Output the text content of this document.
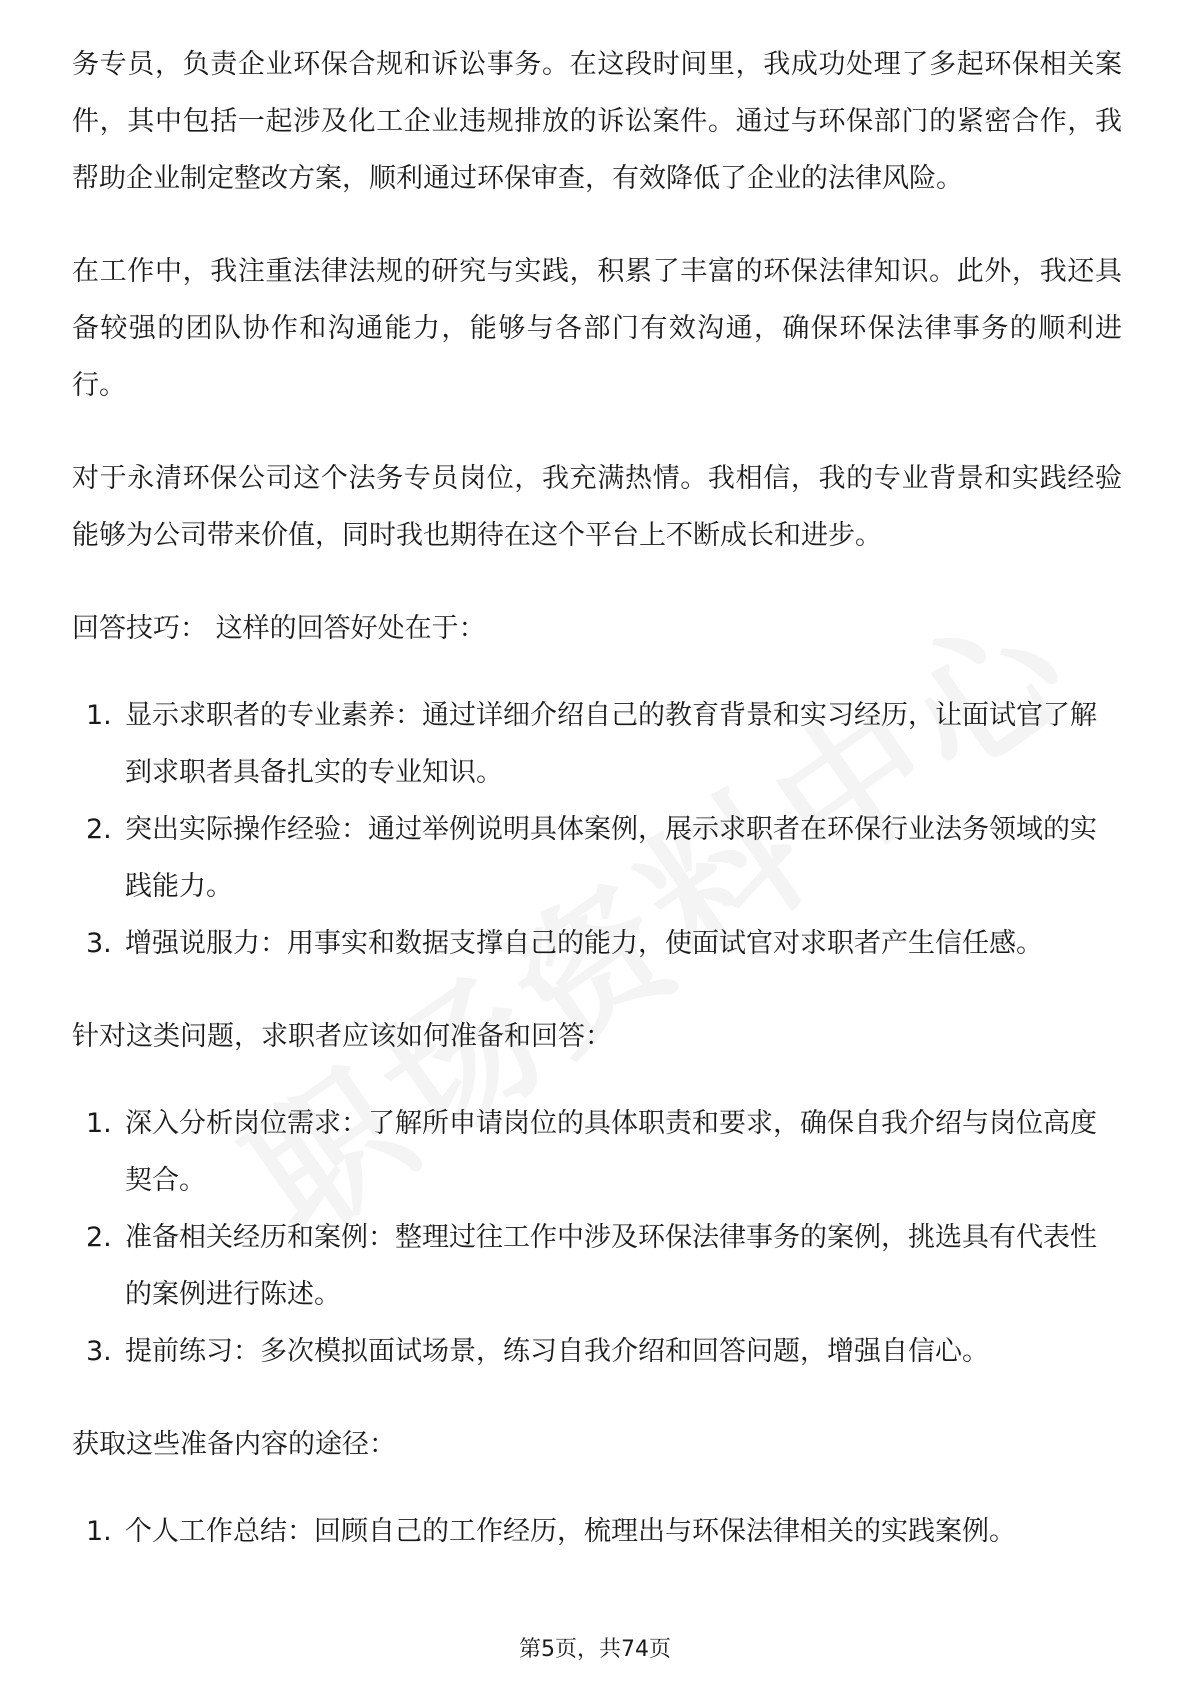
务专员，负责企业环保合规和诉讼事务。在这段时间里，我成功处理了多起环保相关案件，其中包括一起涉及化工企业违规排放的诉讼案件。通过与环保部门的紧密合作，我帮助企业制定整改方案，顺利通过环保审查，有效降低了企业的法律风险。

在工作中，我注重法律法规的研究与实践，积累了丰富的环保法律知识。此外，我还具备较强的团队协作和沟通能力，能够与各部门有效沟通，确保环保法律事务的顺利进行。

对于永清环保公司这个法务专员岗位，我充满热情。我相信，我的专业背景和实践经验能够为公司带来价值，同时我也期待在这个平台上不断成长和进步。

回答技巧： 这样的回答好处在于：

1. 显示求职者的专业素养：通过详细介绍自己的教育背景和实习经历，让面试官了解到求职者具备扎实的专业知识。
2. 突出实际操作经验：通过举例说明具体案例，展示求职者在环保行业法务领域的实践能力。
3. 增强说服力：用事实和数据支撑自己的能力，使面试官对求职者产生信任感。

针对这类问题，求职者应该如何准备和回答：

1. 深入分析岗位需求：了解所申请岗位的具体职责和要求，确保自我介绍与岗位高度契合。
2. 准备相关经历和案例：整理过往工作中涉及环保法律事务的案例，挑选具有代表性的案例进行陈述。
3. 提前练习：多次模拟面试场景，练习自我介绍和回答问题，增强自信心。

获取这些准备内容的途径：

1. 个人工作总结：回顾自己的工作经历，梳理出与环保法律相关的实践案例。
第5页，共74页
